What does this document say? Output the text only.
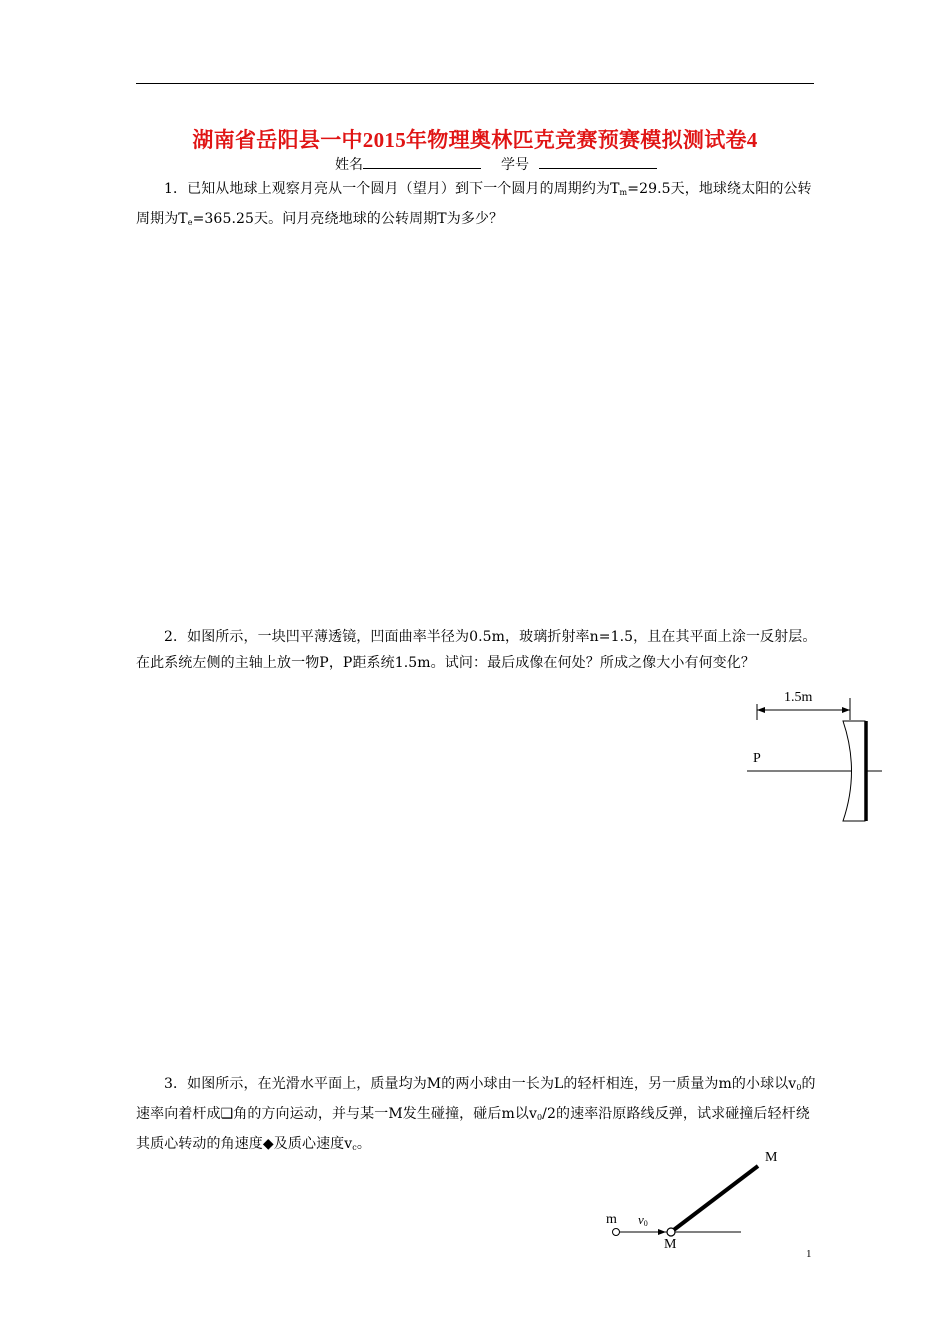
湖南省岳阳县一中2015年物理奥林匹克竞赛预赛模拟测试卷4
姓名	学号
1．已知从地球上观察月亮从一个圆月（望月）到下一个圆月的周期约为$T_m=29.5$天，地球绕太阳的公转周期为$T_e=365.25$天。问月亮绕地球的公转周期T为多少？
2．如图所示，一块凹平薄透镜，凹面曲率半径为0.5m，玻璃折射率n=1.5，且在其平面上涂一反射层。在此系统左侧的主轴上放一物P，P距系统1.5m。试问：最后成像在何处？所成之像大小有何变化？
1.5m
P
3．如图所示，在光滑水平面上，质量均为M的两小球由一长为L的轻杆相连，另一质量为m的小球以$v_0$的速率向着杆成❑角的方向运动，并与某一M发生碰撞，碰后m以$v_0/2$的速率沿原路线反弹，试求碰撞后轻杆绕其质心转动的角速度◆及质心速度$v_c$。
m v0
M
M
1
